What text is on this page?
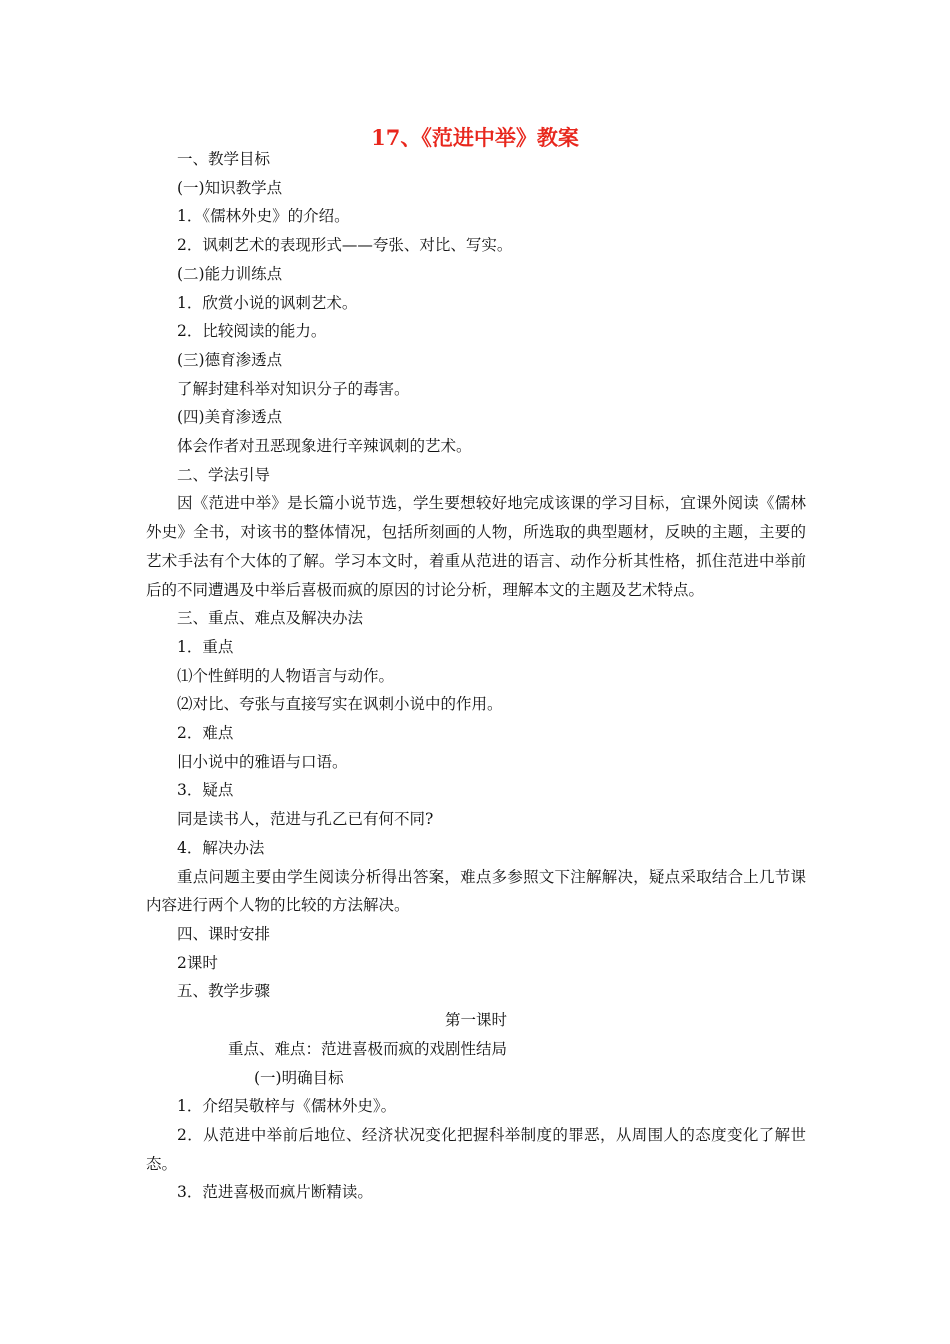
17、《范进中举》教案
一、教学目标
(一)知识教学点
1．《儒林外史》的介绍。
2．讽刺艺术的表现形式——夸张、对比、写实。
(二)能力训练点
1．欣赏小说的讽刺艺术。
2．比较阅读的能力。
(三)德育渗透点
了解封建科举对知识分子的毒害。
(四)美育渗透点
体会作者对丑恶现象进行辛辣讽刺的艺术。
二、学法引导

因《范进中举》是长篇小说节选，学生要想较好地完成该课的学习目标，宜课外阅读《儒林外史》全书，对该书的整体情况，包括所刻画的人物，所选取的典型题材，反映的主题，主要的艺术手法有个大体的了解。学习本文时，着重从范进的语言、动作分析其性格，抓住范进中举前后的不同遭遇及中举后喜极而疯的原因的讨论分析，理解本文的主题及艺术特点。

三、重点、难点及解决办法
1．重点
⑴个性鲜明的人物语言与动作。
⑵对比、夸张与直接写实在讽刺小说中的作用。
2．难点
旧小说中的雅语与口语。
3．疑点
同是读书人，范进与孔乙已有何不同?
4．解决办法

重点问题主要由学生阅读分析得出答案，难点多参照文下注解解决，疑点采取结合上几节课内容进行两个人物的比较的方法解决。

四、课时安排
2课时
五、教学步骤
第一课时
重点、难点：范进喜极而疯的戏剧性结局
(一)明确目标
1．介绍吴敬梓与《儒林外史》。

2．从范进中举前后地位、经济状况变化把握科举制度的罪恶，从周围人的态度变化了解世态。

3．范进喜极而疯片断精读。
